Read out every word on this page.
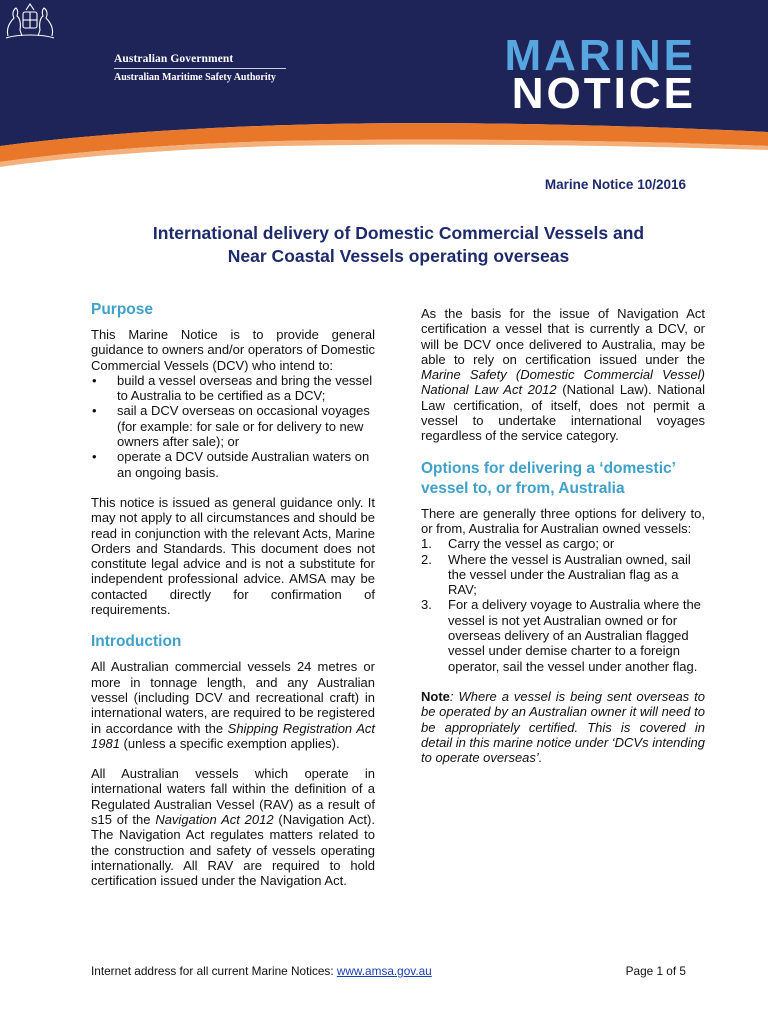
Australian Government
Australian Maritime Safety Authority	MARINE
NOTICE
Marine Notice 10/2016
International delivery of Domestic Commercial Vessels and
Near Coastal Vessels operating overseas
Purpose

This Marine Notice is to provide general guidance to owners and/or operators of Domestic Commercial Vessels (DCV) who intend to:

• build a vessel overseas and bring the vessel to Australia to be certified as a DCV;
• sail a DCV overseas on occasional voyages (for example: for sale or for delivery to new owners after sale); or
• operate a DCV outside Australian waters on an ongoing basis.

This notice is issued as general guidance only. It may not apply to all circumstances and should be read in conjunction with the relevant Acts, Marine Orders and Standards. This document does not constitute legal advice and is not a substitute for independent professional advice. AMSA may be contacted directly for confirmation of requirements.

Introduction

All Australian commercial vessels 24 metres or more in tonnage length, and any Australian vessel (including DCV and recreational craft) in international waters, are required to be registered in accordance with the Shipping Registration Act 1981 (unless a specific exemption applies).

All Australian vessels which operate in international waters fall within the definition of a Regulated Australian Vessel (RAV) as a result of s15 of the Navigation Act 2012 (Navigation Act). The Navigation Act regulates matters related to the construction and safety of vessels operating internationally. All RAV are required to hold certification issued under the Navigation Act.

As the basis for the issue of Navigation Act certification a vessel that is currently a DCV, or will be DCV once delivered to Australia, may be able to rely on certification issued under the Marine Safety (Domestic Commercial Vessel) National Law Act 2012 (National Law). National Law certification, of itself, does not permit a vessel to undertake international voyages regardless of the service category.

Options for delivering a ‘domestic’ vessel to, or from, Australia

There are generally three options for delivery to, or from, Australia for Australian owned vessels:

1. Carry the vessel as cargo; or
2. Where the vessel is Australian owned, sail the vessel under the Australian flag as a RAV;
3. For a delivery voyage to Australia where the vessel is not yet Australian owned or for overseas delivery of an Australian flagged vessel under demise charter to a foreign operator, sail the vessel under another flag.

Note: Where a vessel is being sent overseas to be operated by an Australian owner it will need to be appropriately certified. This is covered in detail in this marine notice under ‘DCVs intending to operate overseas’.

Internet address for all current Marine Notices: www.amsa.gov.au	Page 1 of 5
